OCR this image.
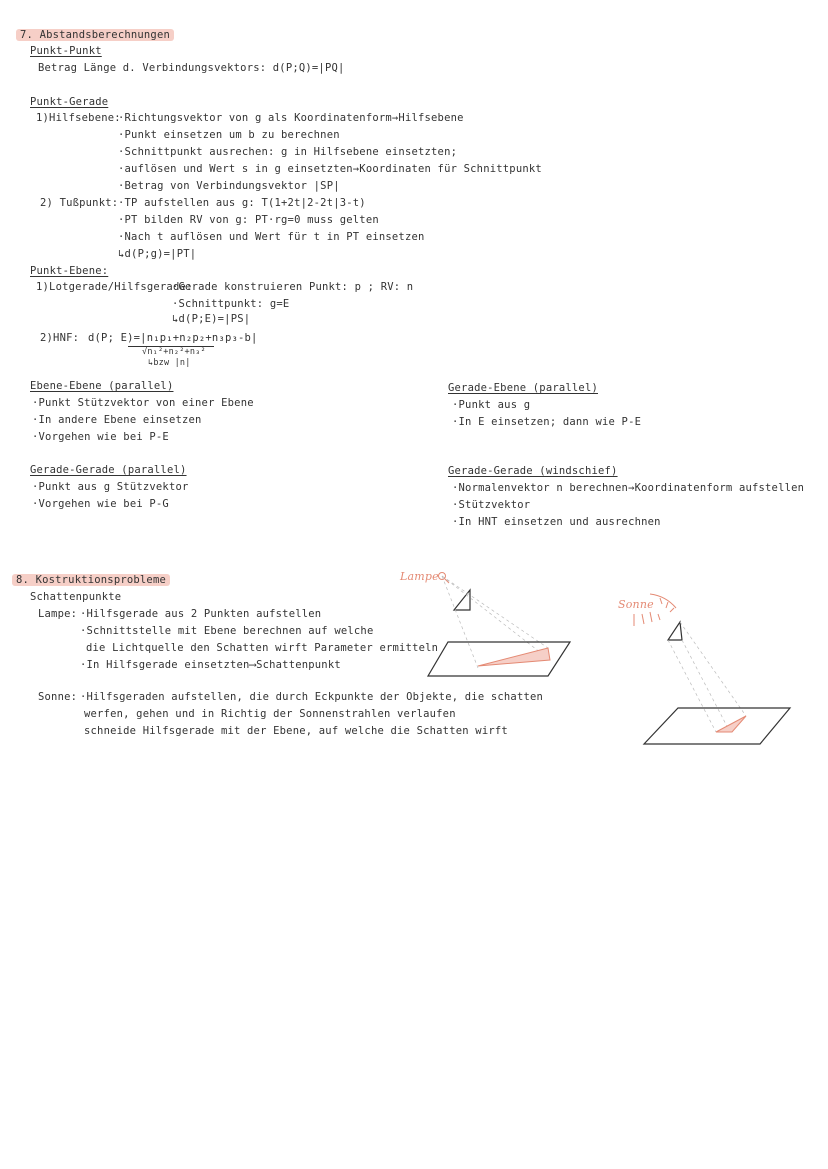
7. Abstandsberechnungen
Punkt-Punkt
Betrag Länge d. Verbindungsvektors: d(P;Q)=|PQ|
Punkt-Gerade
1)Hilfsebene:
·Richtungsvektor von g als Koordinatenform→Hilfsebene
·Punkt einsetzen um b zu berechnen
·Schnittpunkt ausrechen: g in Hilfsebene einsetzten;
·auflösen und Wert s in g einsetzten→Koordinaten für Schnittpunkt
·Betrag von Verbindungsvektor |SP|
2) Tußpunkt: ·TP aufstellen aus g: T(1+2t|2-2t|3-t)
·PT bilden RV von g: PT·rg=0 muss gelten
·Nach t auflösen und Wert für t in PT einsetzen
↳d(P;g)=|PT|
Punkt-Ebene:
1)Lotgerade/Hilfsgerade:
·Gerade konstruieren Punkt: p ; RV: n
·Schnittpunkt: g=E
↳d(P;E)=|PS|
2)HNF: d(P; E)=|n₁p₁+n₂p₂+n₃p₃-b|
√n₁²+n₂²+n₃²
↳bzw |n|
Ebene-Ebene (parallel)
·Punkt Stützvektor von einer Ebene
·In andere Ebene einsetzen
·Vorgehen wie bei P-E
Gerade-Ebene (parallel)
·Punkt aus g
·In E einsetzen; dann wie P-E
Gerade-Gerade (parallel)
·Punkt aus g Stützvektor
·Vorgehen wie bei P-G
Gerade-Gerade (windschief)
·Normalenvektor n berechnen→Koordinatenform aufstellen
·Stützvektor
·In HNT einsetzen und ausrechnen
8. Kostruktionsprobleme
Schattenpunkte
Lampe: ·Hilfsgerade aus 2 Punkten aufstellen
·Schnittstelle mit Ebene berechnen auf welche
die Lichtquelle den Schatten wirft Parameter ermitteln
·In Hilfsgerade einsetzten⟶Schattenpunkt
Sonne: ·Hilfsgeraden aufstellen, die durch Eckpunkte der Objekte, die schatten
werfen, gehen und in Richtig der Sonnenstrahlen verlaufen
schneide Hilfsgerade mit der Ebene, auf welche die Schatten wirft
Lampe
Sonne
